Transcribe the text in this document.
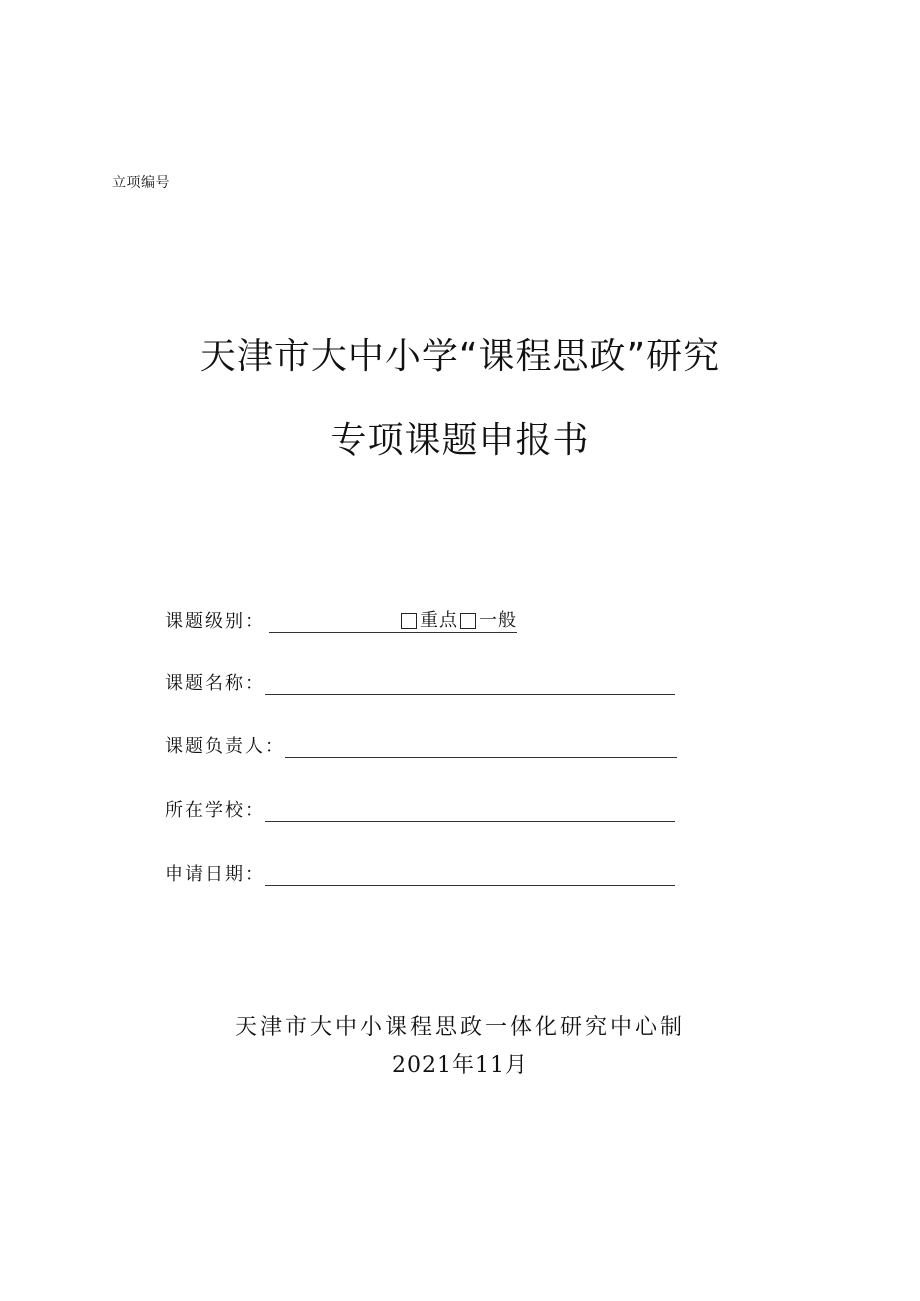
立项编号
天津市大中小学“课程思政”研究
专项课题申报书
课题级别：	重点 一般
课题名称：
课题负责人：
所在学校：
申请日期：
天津市大中小课程思政一体化研究中心制
2021年11月
